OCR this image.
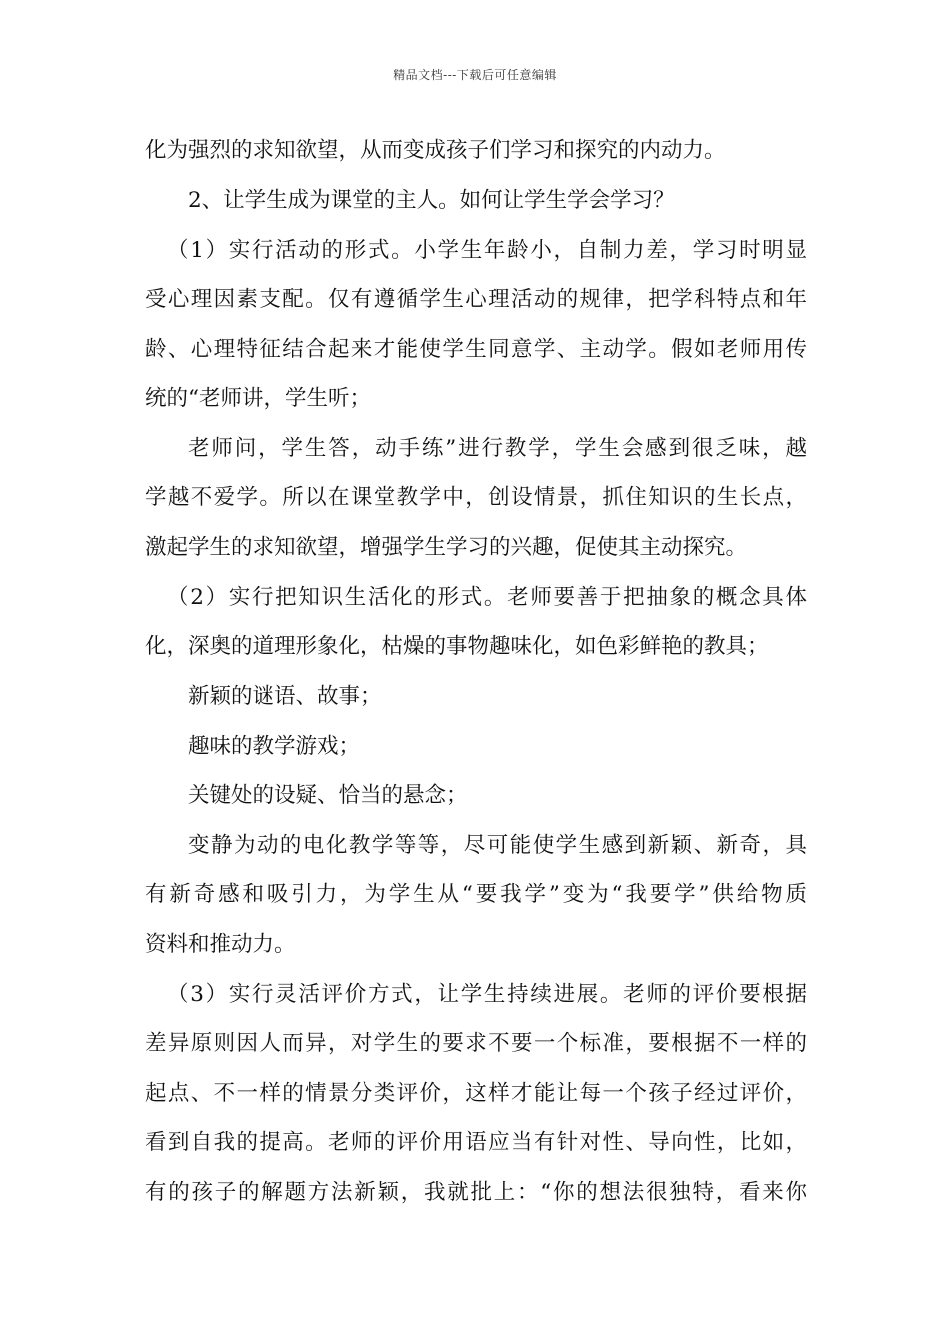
精品文档---下载后可任意编辑
化为强烈的求知欲望，从而变成孩子们学习和探究的内动力。
2、让学生成为课堂的主人。如何让学生学会学习？
（1）实行活动的形式。小学生年龄小，自制力差，学习时明显
受心理因素支配。仅有遵循学生心理活动的规律，把学科特点和年
龄、心理特征结合起来才能使学生同意学、主动学。假如老师用传
统的“老师讲，学生听；
老师问，学生答，动手练”进行教学，学生会感到很乏味，越
学越不爱学。所以在课堂教学中，创设情景，抓住知识的生长点，
激起学生的求知欲望，增强学生学习的兴趣，促使其主动探究。
（2）实行把知识生活化的形式。老师要善于把抽象的概念具体
化，深奥的道理形象化，枯燥的事物趣味化，如色彩鲜艳的教具；
新颖的谜语、故事；
趣味的教学游戏；
关键处的设疑、恰当的悬念；
变静为动的电化教学等等，尽可能使学生感到新颖、新奇，具
有新奇感和吸引力，为学生从“要我学”变为“我要学”供给物质
资料和推动力。
（3）实行灵活评价方式，让学生持续进展。老师的评价要根据
差异原则因人而异，对学生的要求不要一个标准，要根据不一样的
起点、不一样的情景分类评价，这样才能让每一个孩子经过评价，
看到自我的提高。老师的评价用语应当有针对性、导向性，比如，
有的孩子的解题方法新颖，我就批上：“你的想法很独特，看来你
